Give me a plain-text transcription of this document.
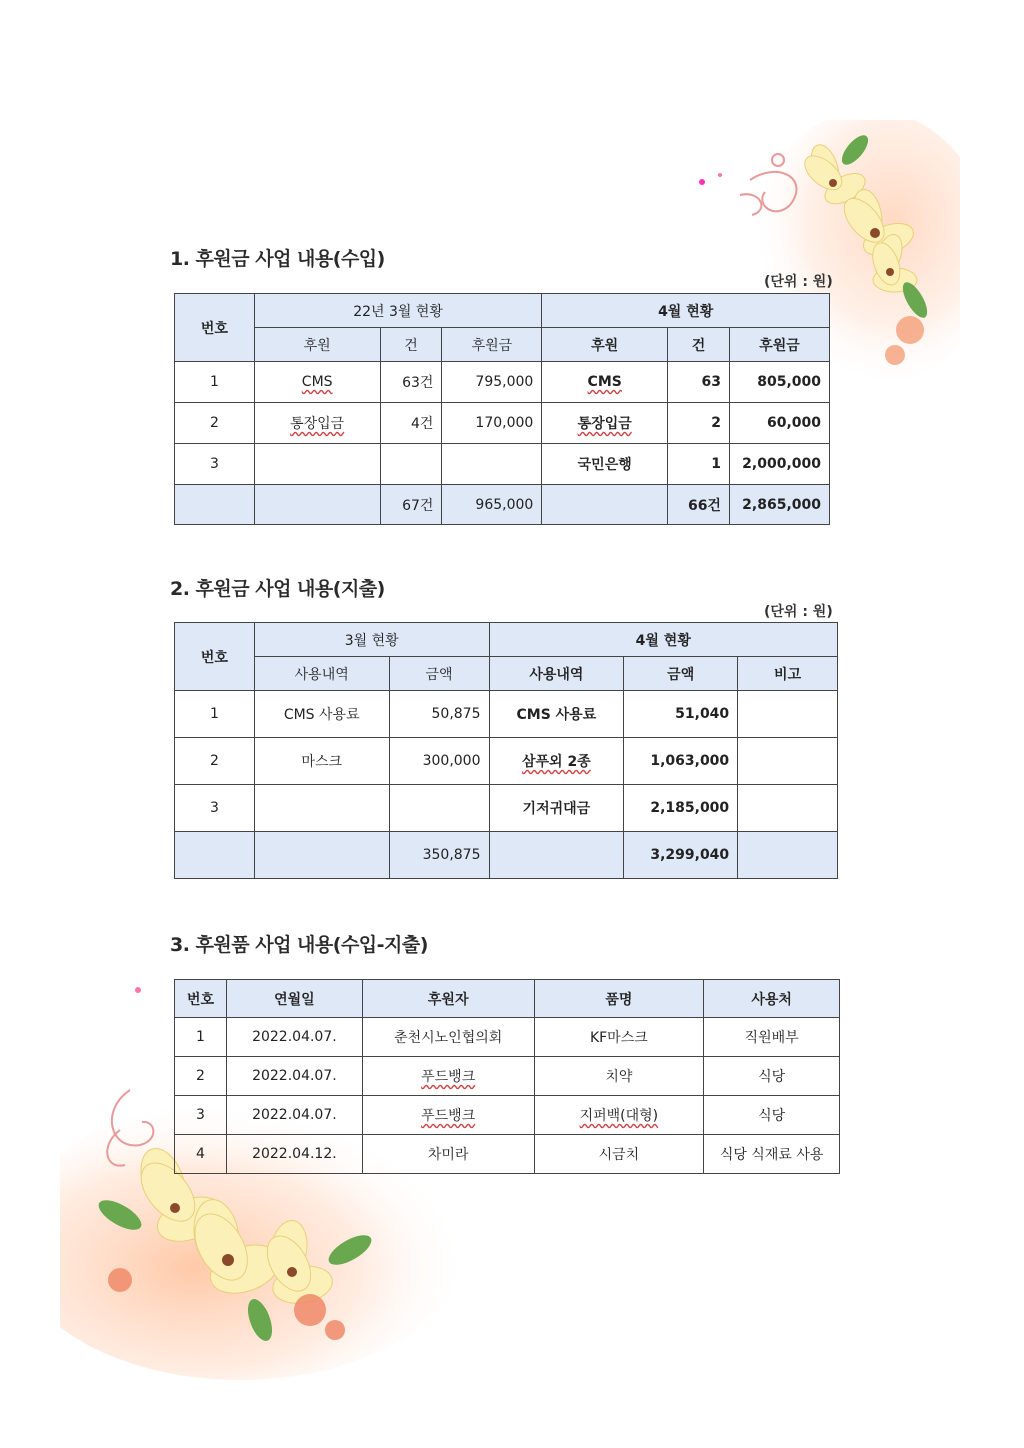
1. 후원금 사업 내용(수입)
(단위 : 원)
번호	22년 3월 현황			4월 현황		
	후원	건	후원금	후원	건	후원금
1	CMS	63건	795,000	CMS	63	805,000
2	통장입금	4건	170,000	통장입금	2	60,000
3				국민은행	1	2,000,000
		67건	965,000		66건	2,865,000
2. 후원금 사업 내용(지출)
(단위 : 원)
번호	3월 현황		4월 현황		
	사용내역	금액	사용내역	금액	비고
1	CMS 사용료	50,875	CMS 사용료	51,040	
2	마스크	300,000	삼푸외 2종	1,063,000	
3			기저귀대금	2,185,000	
		350,875		3,299,040	
3. 후원품 사업 내용(수입-지출)
번호	연월일	후원자	품명	사용처
1	2022.04.07.	춘천시노인협의회	KF마스크	직원배부
2	2022.04.07.	푸드뱅크	치약	식당
3	2022.04.07.	푸드뱅크	지퍼백(대형)	식당
4	2022.04.12.	차미라	시금치	식당 식재료 사용
